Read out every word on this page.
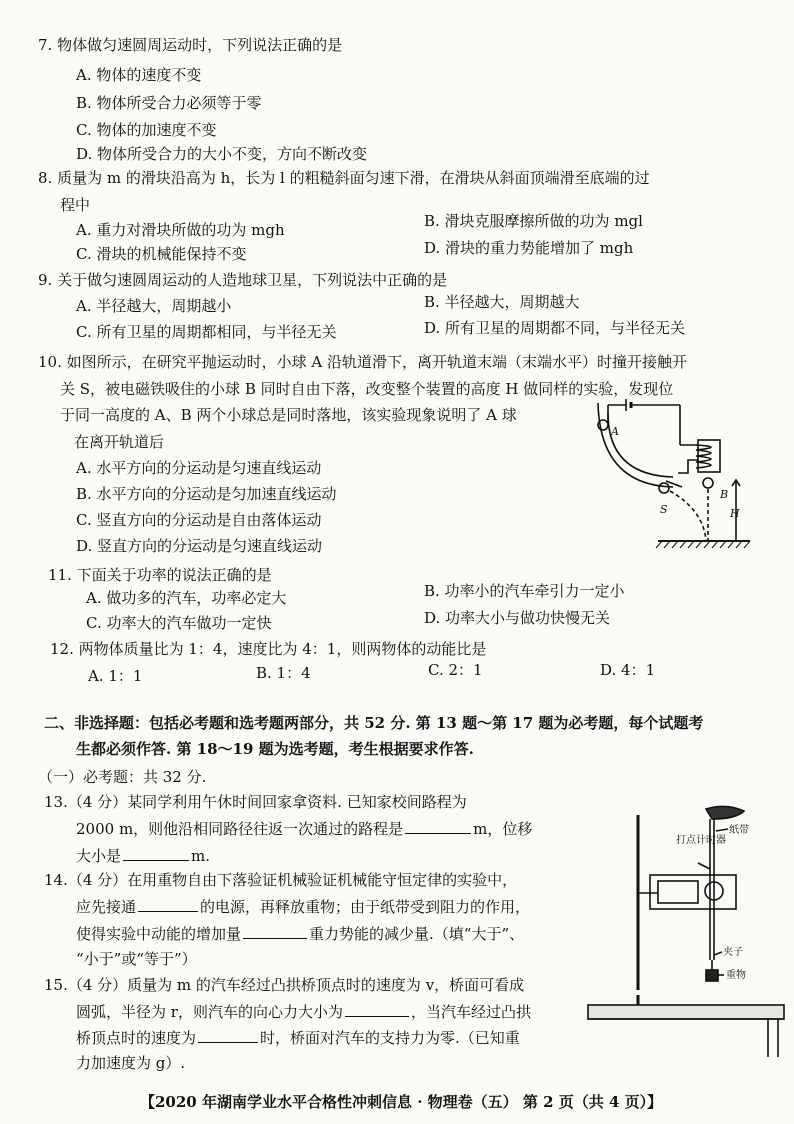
7. 物体做匀速圆周运动时，下列说法正确的是
A. 物体的速度不变
B. 物体所受合力必须等于零
C. 物体的加速度不变
D. 物体所受合力的大小不变，方向不断改变
8. 质量为 m 的滑块沿高为 h，长为 l 的粗糙斜面匀速下滑，在滑块从斜面顶端滑至底端的过
程中
A. 重力对滑块所做的功为 mgh	B. 滑块克服摩擦所做的功为 mgl
C. 滑块的机械能保持不变	D. 滑块的重力势能增加了 mgh
9. 关于做匀速圆周运动的人造地球卫星，下列说法中正确的是
A. 半径越大，周期越小	B. 半径越大，周期越大
C. 所有卫星的周期都相同，与半径无关	D. 所有卫星的周期都不同，与半径无关
10. 如图所示，在研究平抛运动时，小球 A 沿轨道滑下，离开轨道末端（末端水平）时撞开接触开
关 S，被电磁铁吸住的小球 B 同时自由下落，改变整个装置的高度 H 做同样的实验，发现位
于同一高度的 A、B 两个小球总是同时落地，该实验现象说明了 A 球
在离开轨道后
A. 水平方向的分运动是匀速直线运动
B. 水平方向的分运动是匀加速直线运动
C. 竖直方向的分运动是自由落体运动
D. 竖直方向的分运动是匀速直线运动
A
B
S	H
11. 下面关于功率的说法正确的是
A. 做功多的汽车，功率必定大	B. 功率小的汽车牵引力一定小
C. 功率大的汽车做功一定快	D. 功率大小与做功快慢无关
12. 两物体质量比为 1：4，速度比为 4：1，则两物体的动能比是
A. 1：1	B. 1：4	C. 2：1	D. 4：1
二、非选择题：包括必考题和选考题两部分，共 52 分. 第 13 题～第 17 题为必考题，每个试题考
生都必须作答. 第 18～19 题为选考题，考生根据要求作答.
（一）必考题：共 32 分.
13.（4 分）某同学利用午休时间回家拿资料. 已知家校间路程为
2000 m，则他沿相同路径往返一次通过的路程是	m，位移
大小是	m.
14.（4 分）在用重物自由下落验证机械验证机械能守恒定律的实验中，
应先接通	的电源，再释放重物；由于纸带受到阻力的作用，
使得实验中动能的增加量	重力势能的减少量.（填“大于”、
“小于”或“等于”）
打点计时器
纸带
夹子
重物
15.（4 分）质量为 m 的汽车经过凸拱桥顶点时的速度为 v，桥面可看成
圆弧，半径为 r，则汽车的向心力大小为	，当汽车经过凸拱
桥顶点时的速度为	时，桥面对汽车的支持力为零.（已知重
力加速度为 g）.
【2020 年湖南学业水平合格性冲刺信息 · 物理卷（五） 第 2 页（共 4 页）】
